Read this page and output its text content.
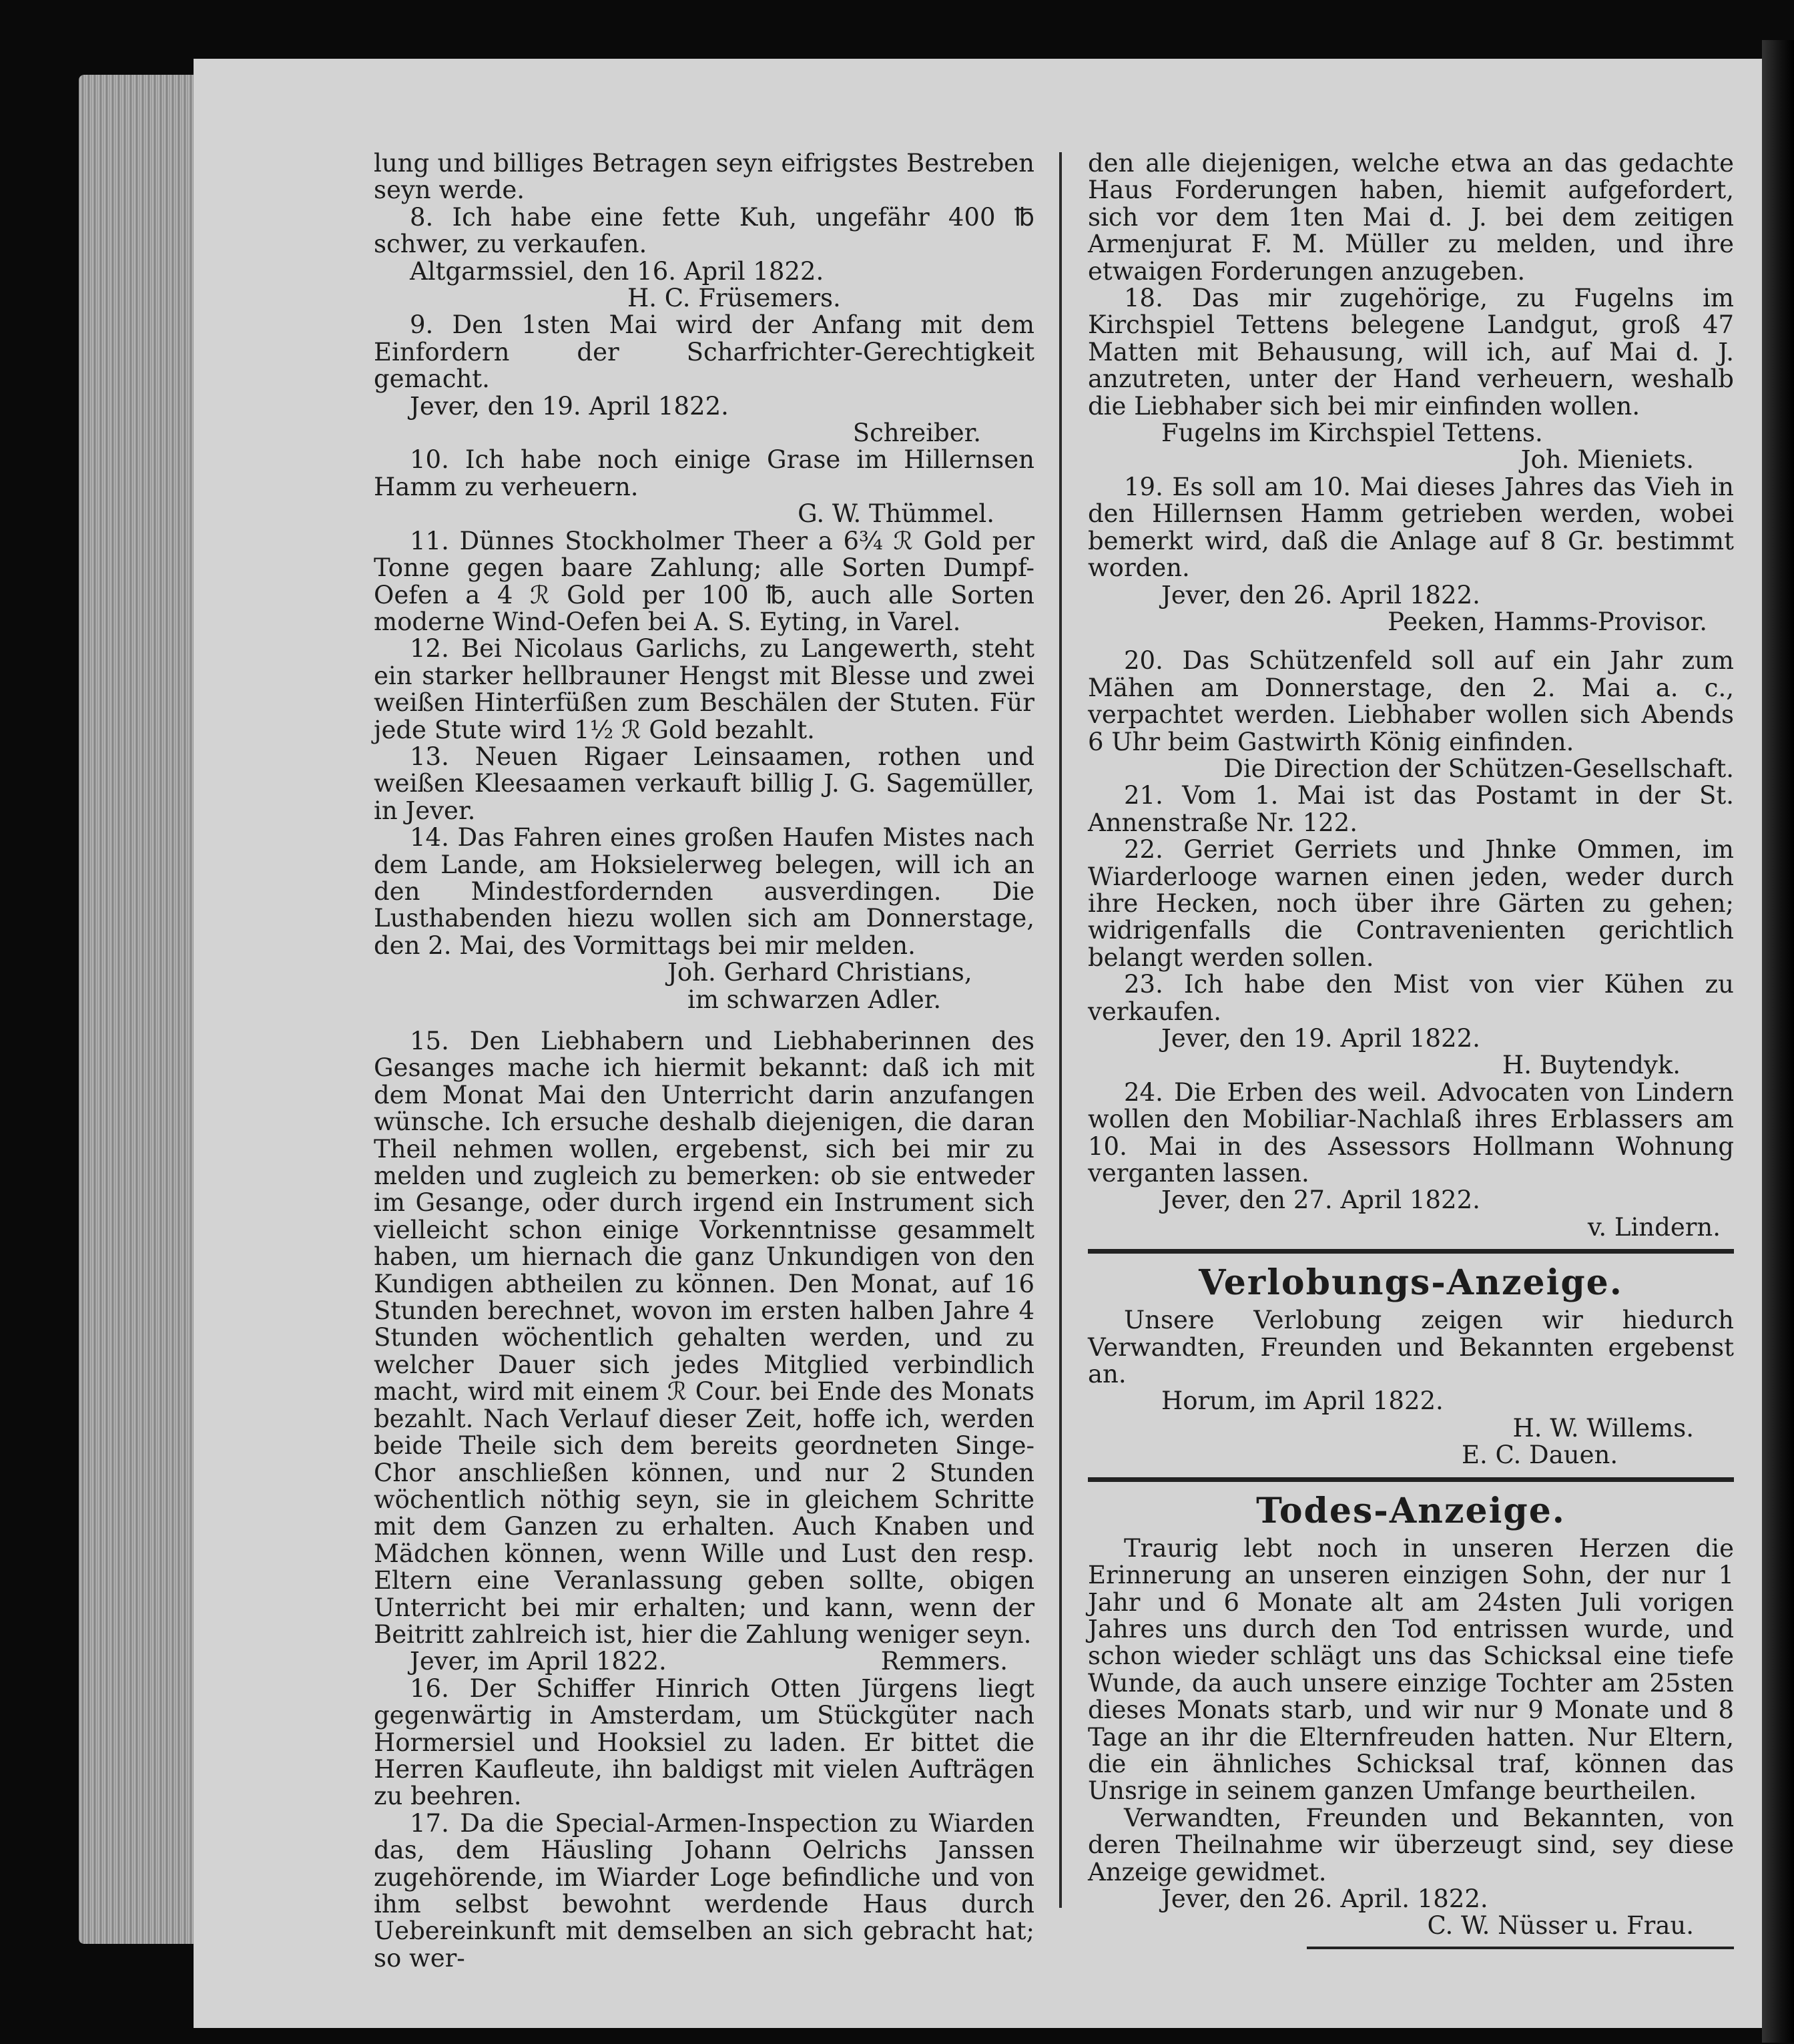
lung und billiges Betragen seyn eifrigstes Bestreben seyn werde.

8. Ich habe eine fette Kuh, ungefähr 400 ℔ schwer, zu verkaufen.

Altgarmssiel, den 16. April 1822.

H. C. Früsemers.

9. Den 1sten Mai wird der Anfang mit dem Einfordern der Scharfrichter-Gerechtigkeit gemacht.

Jever, den 19. April 1822.

Schreiber.

10. Ich habe noch einige Grase im Hillernsen Hamm zu verheuern.

G. W. Thümmel.

11. Dünnes Stockholmer Theer a 6¾ ℛ Gold per Tonne gegen baare Zahlung; alle Sorten Dumpf-Oefen a 4 ℛ Gold per 100 ℔, auch alle Sorten moderne Wind-Oefen bei A. S. Eyting, in Varel.

12. Bei Nicolaus Garlichs, zu Langewerth, steht ein starker hellbrauner Hengst mit Blesse und zwei weißen Hinterfüßen zum Beschälen der Stuten. Für jede Stute wird 1½ ℛ Gold bezahlt.

13. Neuen Rigaer Leinsaamen, rothen und weißen Kleesaamen verkauft billig J. G. Sagemüller, in Jever.

14. Das Fahren eines großen Haufen Mistes nach dem Lande, am Hoksielerweg belegen, will ich an den Mindestfordernden ausverdingen. Die Lusthabenden hiezu wollen sich am Donnerstage, den 2. Mai, des Vormittags bei mir melden.

Joh. Gerhard Christians,

im schwarzen Adler.

15. Den Liebhabern und Liebhaberinnen des Gesanges mache ich hiermit bekannt: daß ich mit dem Monat Mai den Unterricht darin anzufangen wünsche. Ich ersuche deshalb diejenigen, die daran Theil nehmen wollen, ergebenst, sich bei mir zu melden und zugleich zu bemerken: ob sie entweder im Gesange, oder durch irgend ein Instrument sich vielleicht schon einige Vorkenntnisse gesammelt haben, um hiernach die ganz Unkundigen von den Kundigen abtheilen zu können. Den Monat, auf 16 Stunden berechnet, wovon im ersten halben Jahre 4 Stunden wöchentlich gehalten werden, und zu welcher Dauer sich jedes Mitglied verbindlich macht, wird mit einem ℛ Cour. bei Ende des Monats bezahlt. Nach Verlauf dieser Zeit, hoffe ich, werden beide Theile sich dem bereits geordneten Singe-Chor anschließen können, und nur 2 Stunden wöchentlich nöthig seyn, sie in gleichem Schritte mit dem Ganzen zu erhalten. Auch Knaben und Mädchen können, wenn Wille und Lust den resp. Eltern eine Veranlassung geben sollte, obigen Unterricht bei mir erhalten; und kann, wenn der Beitritt zahlreich ist, hier die Zahlung weniger seyn.

Jever, im April 1822.	Remmers.

16. Der Schiffer Hinrich Otten Jürgens liegt gegenwärtig in Amsterdam, um Stückgüter nach Hormersiel und Hooksiel zu laden. Er bittet die Herren Kaufleute, ihn baldigst mit vielen Aufträgen zu beehren.

17. Da die Special-Armen-Inspection zu Wiarden das, dem Häusling Johann Oelrichs Janssen zugehörende, im Wiarder Loge befindliche und von ihm selbst bewohnt werdende Haus durch Uebereinkunft mit demselben an sich gebracht hat; so wer-

den alle diejenigen, welche etwa an das gedachte Haus Forderungen haben, hiemit aufgefordert, sich vor dem 1ten Mai d. J. bei dem zeitigen Armenjurat F. M. Müller zu melden, und ihre etwaigen Forderungen anzugeben.

18. Das mir zugehörige, zu Fugelns im Kirchspiel Tettens belegene Landgut, groß 47 Matten mit Behausung, will ich, auf Mai d. J. anzutreten, unter der Hand verheuern, weshalb die Liebhaber sich bei mir einfinden wollen.

Fugelns im Kirchspiel Tettens.

Joh. Mieniets.

19. Es soll am 10. Mai dieses Jahres das Vieh in den Hillernsen Hamm getrieben werden, wobei bemerkt wird, daß die Anlage auf 8 Gr. bestimmt worden.

Jever, den 26. April 1822.

Peeken, Hamms-Provisor.

20. Das Schützenfeld soll auf ein Jahr zum Mähen am Donnerstage, den 2. Mai a. c., verpachtet werden. Liebhaber wollen sich Abends 6 Uhr beim Gastwirth König einfinden.

Die Direction der Schützen-Gesellschaft.

21. Vom 1. Mai ist das Postamt in der St. Annenstraße Nr. 122.

22. Gerriet Gerriets und Jhnke Ommen, im Wiarderlooge warnen einen jeden, weder durch ihre Hecken, noch über ihre Gärten zu gehen; widrigenfalls die Contravenienten gerichtlich belangt werden sollen.

23. Ich habe den Mist von vier Kühen zu verkaufen.

Jever, den 19. April 1822.

H. Buytendyk.

24. Die Erben des weil. Advocaten von Lindern wollen den Mobiliar-Nachlaß ihres Erblassers am 10. Mai in des Assessors Hollmann Wohnung verganten lassen.

Jever, den 27. April 1822.

v. Lindern.

Verlobungs-Anzeige.

Unsere Verlobung zeigen wir hiedurch Verwandten, Freunden und Bekannten ergebenst an.

Horum, im April 1822.

H. W. Willems.

E. C. Dauen.

Todes-Anzeige.

Traurig lebt noch in unseren Herzen die Erinnerung an unseren einzigen Sohn, der nur 1 Jahr und 6 Monate alt am 24sten Juli vorigen Jahres uns durch den Tod entrissen wurde, und schon wieder schlägt uns das Schicksal eine tiefe Wunde, da auch unsere einzige Tochter am 25sten dieses Monats starb, und wir nur 9 Monate und 8 Tage an ihr die Elternfreuden hatten. Nur Eltern, die ein ähnliches Schicksal traf, können das Unsrige in seinem ganzen Umfange beurtheilen.

Verwandten, Freunden und Bekannten, von deren Theilnahme wir überzeugt sind, sey diese Anzeige gewidmet.

Jever, den 26. April. 1822.

C. W. Nüsser u. Frau.
